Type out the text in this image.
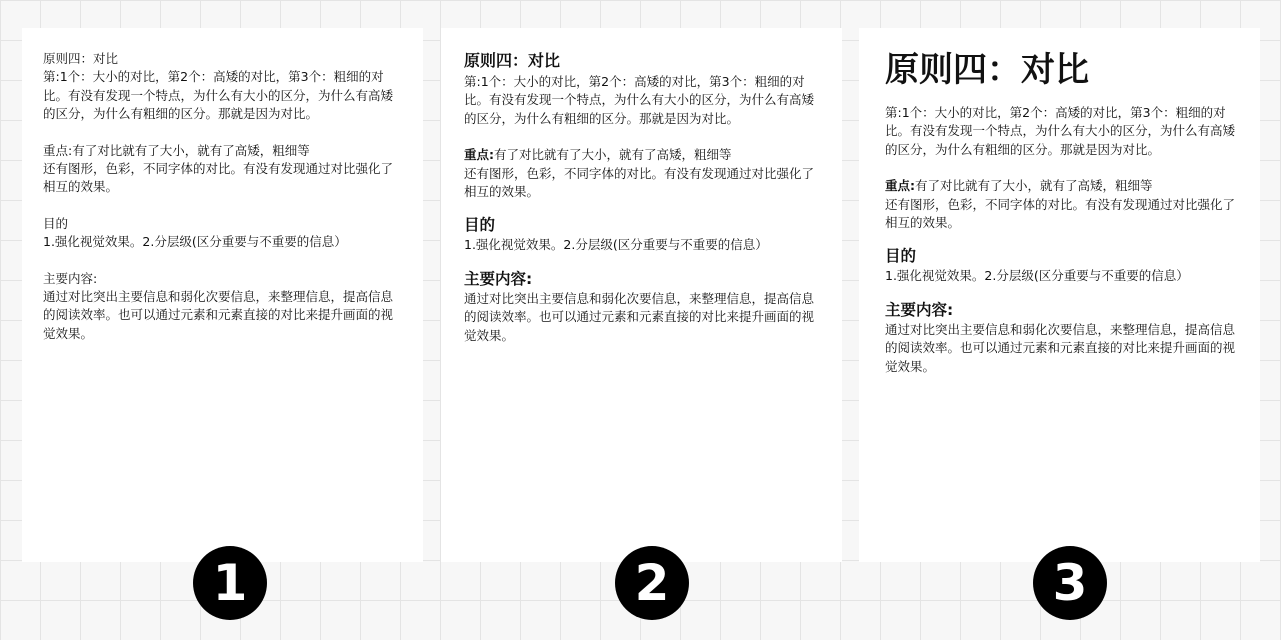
原则四：对比

第:1个：大小的对比，第2个：高矮的对比，第3个：粗细的对比。有没有发现一个特点，为什么有大小的区分，为什么有高矮的区分，为什么有粗细的区分。那就是因为对比。

重点:有了对比就有了大小，就有了高矮，粗细等

还有图形，色彩，不同字体的对比。有没有发现通过对比强化了相互的效果。

目的

1.强化视觉效果。2.分层级(区分重要与不重要的信息）

主要内容:

通过对比突出主要信息和弱化次要信息，来整理信息，提高信息的阅读效率。也可以通过元素和元素直接的对比来提升画面的视觉效果。

原则四：对比

第:1个：大小的对比，第2个：高矮的对比，第3个：粗细的对比。有没有发现一个特点，为什么有大小的区分，为什么有高矮的区分，为什么有粗细的区分。那就是因为对比。

重点:有了对比就有了大小，就有了高矮，粗细等

还有图形，色彩，不同字体的对比。有没有发现通过对比强化了相互的效果。

目的

1.强化视觉效果。2.分层级(区分重要与不重要的信息）

主要内容:

通过对比突出主要信息和弱化次要信息，来整理信息，提高信息的阅读效率。也可以通过元素和元素直接的对比来提升画面的视觉效果。

原则四：对比

第:1个：大小的对比，第2个：高矮的对比，第3个：粗细的对比。有没有发现一个特点，为什么有大小的区分，为什么有高矮的区分，为什么有粗细的区分。那就是因为对比。

重点:有了对比就有了大小，就有了高矮，粗细等

还有图形，色彩，不同字体的对比。有没有发现通过对比强化了相互的效果。

目的

1.强化视觉效果。2.分层级(区分重要与不重要的信息）

主要内容:

通过对比突出主要信息和弱化次要信息，来整理信息，提高信息的阅读效率。也可以通过元素和元素直接的对比来提升画面的视觉效果。

1	2	3
